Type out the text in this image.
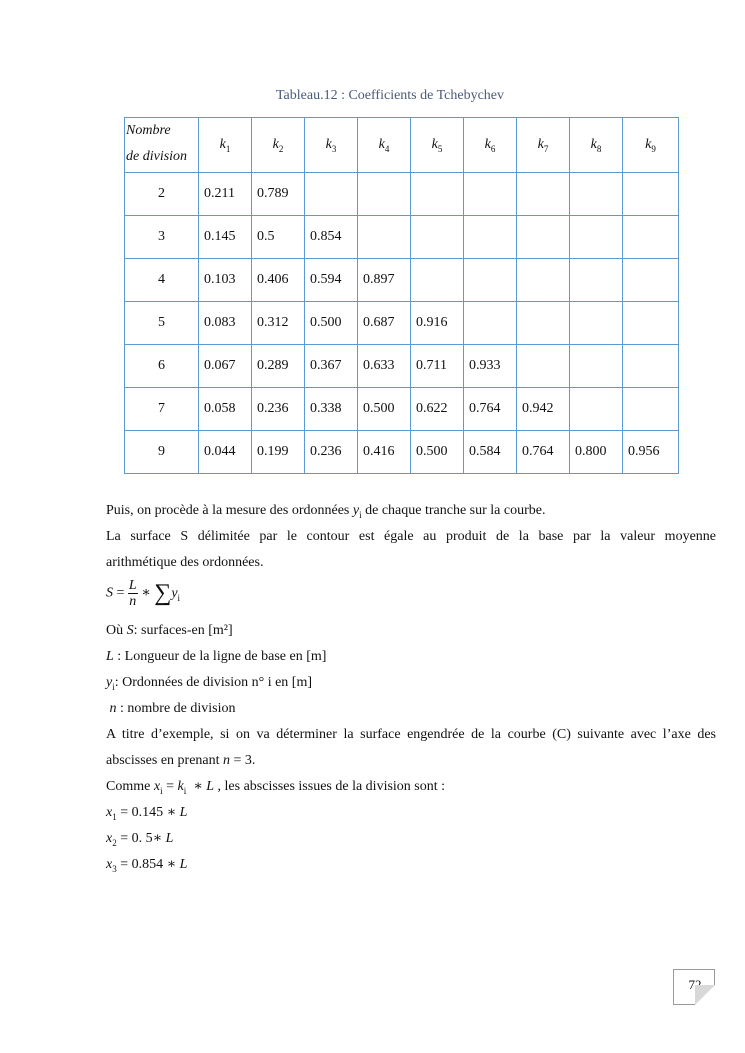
Tableau.12 : Coefficients de Tchebychev
Nombre
de division	$k_1$	$k_2$	$k_3$	$k_4$	$k_5$	$k_6$	$k_7$	$k_8$	$k_9$
2	0.211	0.789							
3	0.145	0.5	0.854						
4	0.103	0.406	0.594	0.897					
5	0.083	0.312	0.500	0.687	0.916				
6	0.067	0.289	0.367	0.633	0.711	0.933			
7	0.058	0.236	0.338	0.500	0.622	0.764	0.942		
9	0.044	0.199	0.236	0.416	0.500	0.584	0.764	0.800	0.956
Puis, on procède à la mesure des ordonnées $y_i$ de chaque tranche sur la courbe.
La surface S délimitée par le contour est égale au produit de la base par la valeur moyenne
arithmétique des ordonnées.
$S = \frac{L}{n}$ ∗ $\sum y_i$
Où S: surfaces-en [m²]
L : Longueur de la ligne de base en [m]
$y_i$: Ordonnées de division n° i en [m]
n : nombre de division
A titre d’exemple, si on va déterminer la surface engendrée de la courbe (C) suivante avec l’axe des
abscisses en prenant n = 3.
Comme $x_i = k_i$  ∗ L , les abscisses issues de la division sont :
$x_1 = 0.145$ ∗ L
$x_2 = 0$. 5∗ L
$x_3 = 0.854$ ∗ L
72
